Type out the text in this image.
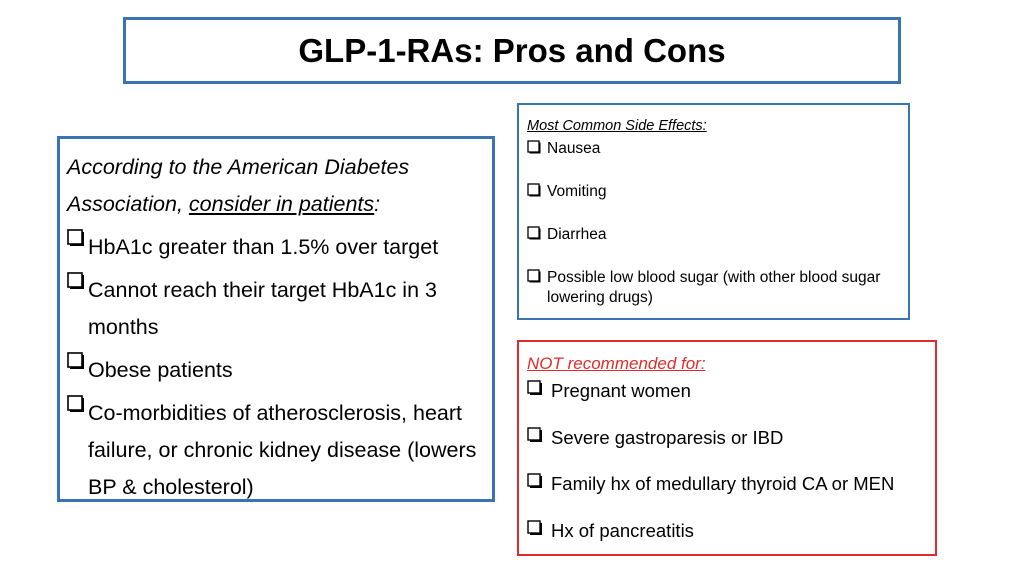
GLP-1-RAs: Pros and Cons

According to the American Diabetes Association, consider in patients:

HbA1c greater than 1.5% over target
Cannot reach their target HbA1c in 3 months
Obese patients
Co-morbidities of atherosclerosis, heart failure, or chronic kidney disease (lowers BP & cholesterol)
Most Common Side Effects:
Nausea
Vomiting
Diarrhea
Possible low blood sugar (with other blood sugar lowering drugs)
NOT recommended for:
Pregnant women
Severe gastroparesis or IBD
Family hx of medullary thyroid CA or MEN
Hx of pancreatitis
